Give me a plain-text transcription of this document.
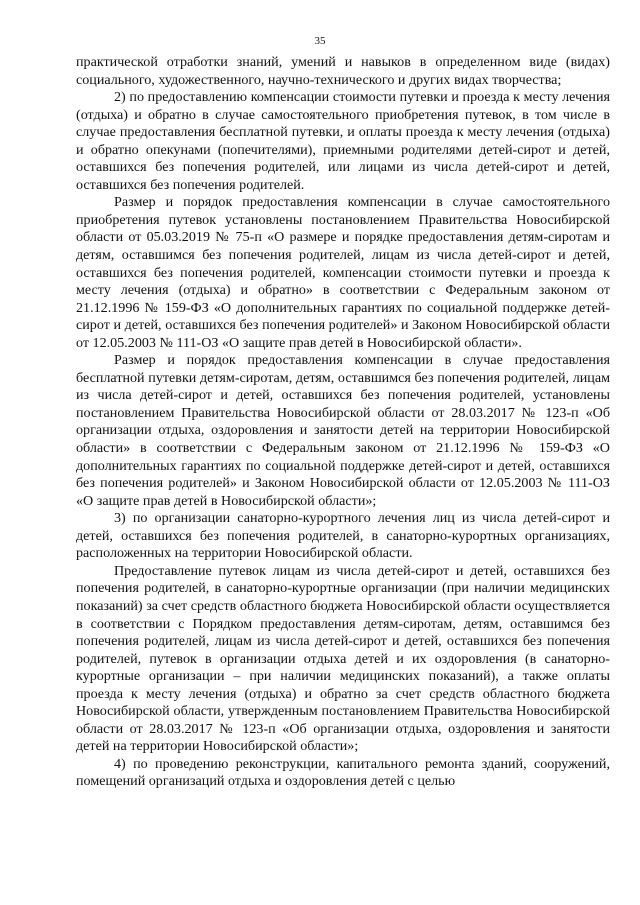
35

практической отработки знаний, умений и навыков в определенном виде (видах) социального, художественного, научно-технического и других видах творчества;

2) по предоставлению компенсации стоимости путевки и проезда к месту лечения (отдыха) и обратно в случае самостоятельного приобретения путевок, в том числе в случае предоставления бесплатной путевки, и оплаты проезда к месту лечения (отдыха) и обратно опекунами (попечителями), приемными родителями детей-сирот и детей, оставшихся без попечения родителей, или лицами из числа детей-сирот и детей, оставшихся без попечения родителей.

Размер и порядок предоставления компенсации в случае самостоятельного приобретения путевок установлены постановлением Правительства Новосибирской области от 05.03.2019 № 75-п «О размере и порядке предоставления детям-сиротам и детям, оставшимся без попечения родителей, лицам из числа детей-сирот и детей, оставшихся без попечения родителей, компенсации стоимости путевки и проезда к месту лечения (отдыха) и обратно» в соответствии с Федеральным законом от 21.12.1996 № 159-ФЗ «О дополнительных гарантиях по социальной поддержке детей-сирот и детей, оставшихся без попечения родителей» и Законом Новосибирской области от 12.05.2003 № 111-ОЗ «О защите прав детей в Новосибирской области».

Размер и порядок предоставления компенсации в случае предоставления бесплатной путевки детям-сиротам, детям, оставшимся без попечения родителей, лицам из числа детей-сирот и детей, оставшихся без попечения родителей, установлены постановлением Правительства Новосибирской области от 28.03.2017 № 123-п «Об организации отдыха, оздоровления и занятости детей на территории Новосибирской области» в соответствии с Федеральным законом от 21.12.1996 № 159-ФЗ «О дополнительных гарантиях по социальной поддержке детей-сирот и детей, оставшихся без попечения родителей» и Законом Новосибирской области от 12.05.2003 № 111-ОЗ «О защите прав детей в Новосибирской области»;

3) по организации санаторно-курортного лечения лиц из числа детей-сирот и детей, оставшихся без попечения родителей, в санаторно-курортных организациях, расположенных на территории Новосибирской области.

Предоставление путевок лицам из числа детей-сирот и детей, оставшихся без попечения родителей, в санаторно-курортные организации (при наличии медицинских показаний) за счет средств областного бюджета Новосибирской области осуществляется в соответствии с Порядком предоставления детям-сиротам, детям, оставшимся без попечения родителей, лицам из числа детей-сирот и детей, оставшихся без попечения родителей, путевок в организации отдыха детей и их оздоровления (в санаторно-курортные организации – при наличии медицинских показаний), а также оплаты проезда к месту лечения (отдыха) и обратно за счет средств областного бюджета Новосибирской области, утвержденным постановлением Правительства Новосибирской области от 28.03.2017 № 123-п «Об организации отдыха, оздоровления и занятости детей на территории Новосибирской области»;

4) по проведению реконструкции, капитального ремонта зданий, сооружений, помещений организаций отдыха и оздоровления детей с целью
